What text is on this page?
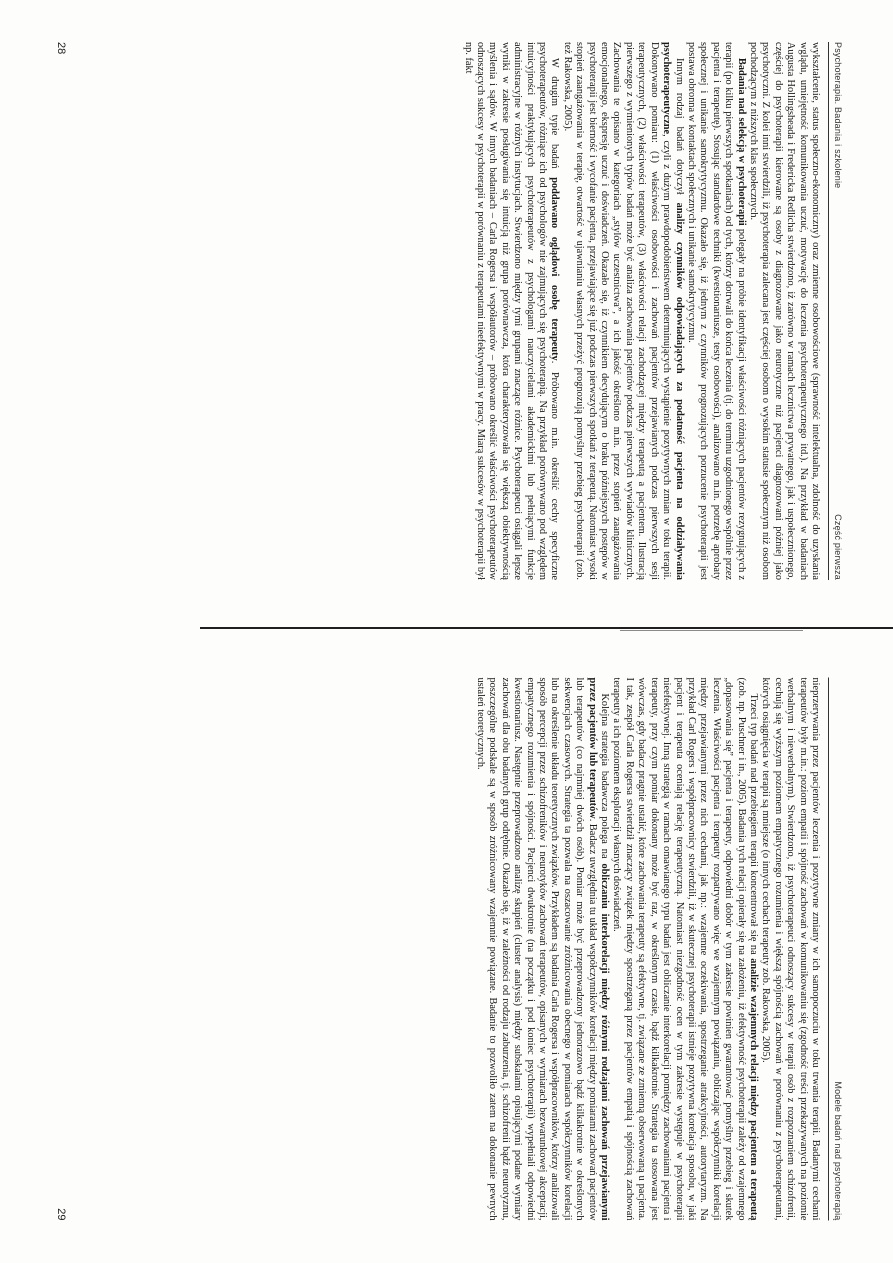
Psychoterapia. Badania i szkolenie
Część pierwsza

wykształcenie, status społeczno-ekonomiczny) oraz zmienne osobowościowe (sprawność intelektualna, zdolność do uzyskania wglądu, umiejętność komunikowania uczuć, motywację do leczenia psychoterapeutycznego itd.). Na przykład w badaniach Augusta Hollingsheada i Fredericka Redlicha stwierdzono, iż zarówno w ramach lecznictwa prywatnego, jak i uspołecznionego, częściej do psychoterapii kierowane są osoby z diagnozowane jako neurotyczne niż pacjenci diagnozowani później jako psychotyczni. Z kolei inni stwierdzili, iż psychoterapia zalecana jest częściej osobom o wysokim statusie społecznym niż osobom pochodzącym z niższych klas społecznych.

Badania nad selekcją w psychoterapii polegały na próbie identyfikacji właściwości różniących pacjentów rezygnujących z terapii (po kilku pierwszych spotkaniach) od tych, którzy dotrwali do końca leczenia (tj. do terminu uzgodnionego wspólnie przez pacjenta i terapeutę). Stosując standardowe techniki (kwestionariusze, testy osobowości), analizowano m.in. potrzebę aprobaty społecznej i unikanie samokrytycyzmu. Okazało się, iż jednym z czynników prognozujących porzucenie psychoterapii jest postawa obronna w kontaktach społecznych i unikanie samokrytycyzmu.

Innym rodzaj badań dotyczył analizy czynników odpowiadających za podatność pacjenta na oddziaływania psychoterapeutyczne, czyli z dużym prawdopodobieństwem determinujących wystąpienie pozytywnych zmian w toku terapii. Dokonywano pomiaru: (1) właściwości osobowości i zachowań pacjentów przejawianych podczas pierwszych sesji terapeutycznych, (2) właściwości terapeutów, (3) właściwości relacji zachodzącej między terapeutą a pacjentem. Ilustracją pierwszego z wymienionych typów badań może być analiza zachowania pacjentów podczas pierwszych wywiadów klinicznych. Zachowania te opisano w kategoriach „stylów uczestnictwa”, a ich jakość określono m.in. przez stopień zaangażowania emocjonalnego, ekspresję uczuć i doświadczeń. Okazało się, iż czynnikiem decydującym o braku późniejszych postępów w psychoterapii jest bierność i wycofanie pacjenta, przejawiające się już podczas pierwszych spotkań z terapeutą. Natomiast wysoki stopień zaangażowania w terapię, otwartość w ujawnianiu własnych przeżyć prognozują pomyślny przebieg psychoterapii (zob. też Rakowska, 2005).

W drugim typie badań poddawano oglądowi osobę terapeuty. Próbowano m.in. określić cechy specyficzne psychoterapeutów, różniące ich od psychologów nie zajmujących się psychoterapią. Na przykład porównywano pod względem intuicyjności praktykujących psychoterapeutów z psychologami nauczycielami akademickimi lub pełniącymi funkcje administracyjne w różnych instytucjach. Stwierdzono między tymi grupami znaczące różnice. Psychoterapeuci osiągali lepsze wyniki w zakresie posługiwania się intuicją niż grupa porównawcza, która charakteryzowała się większą obiektywnością myślenia i sądów. W innych badaniach – Carla Rogersa i współautorów – próbowano określić właściwości psychoterapeutów odnoszących sukcesy w psychoterapii w porównaniu z terapeutami nieefektywnymi w pracy. Miarą sukcesów w psychoterapii był np. fakt

28
Modele badań nad psychoterapią

nieprzerywania przez pacjentów leczenia i pozytywne zmiany w ich samopoczuciu w toku trwania terapii. Badanymi cechami terapeutów były m.in.: poziom empatii i spójność zachowań w komunikowaniu się (zgodność treści przekazywanych na poziomie werbalnym i niewerbalnym). Stwierdzono, iż psychoterapeuci odnoszący sukcesy w terapii osób z rozpoznaniem schizofrenii, cechują się wyższym poziomem empatycznego rozumienia i większą spójnością zachowań w porównaniu z psychoterapeutami, których osiągnięcia w terapii są mniejsze (o innych cechach terapeuty zob. Rakowska, 2005).

Trzeci typ badań nad przebiegiem terapii koncentrował się na analizie wzajemnych relacji między pacjentem a terapeutą (zob. np. Puschner i in., 2005). Badania tych relacji opierały się na założeniu, iż efektywność psychoterapii zależy od wzajemnego „dopasowania się” pacjenta i terapeuty, odpowiedni dobór w tym zakresie powinien gwarantować pomyślny przebieg i skutek leczenia. Właściwości pacjenta i terapeuty rozpatrywano więc we wzajemnym powiązaniu, obliczając współczynniki korelacji między przejawianymi przez nich cechami, jak np.: wzajemne oczekiwania, spostrzeganie atrakcyjności, autorytaryzm. Na przykład Carl Rogers i współpracownicy stwierdzili, iż w skutecznej psychoterapii istnieje pozytywna korelacja sposobu, w jaki pacjent i terapeuta oceniają relację terapeutyczną. Natomiast niezgodność ocen w tym zakresie występuje w psychoterapii nieefektywnej. Inną strategią w ramach omawianego typu badań jest obliczanie interkorelacji pomiędzy zachowaniami pacjenta i terapeuty, przy czym pomiar dokonany może być raz, w określonym czasie, bądź kilkakrotnie. Strategia ta stosowana jest wówczas, gdy badacz pragnie ustalić, które zachowania terapeuty są efektywne, tj. związane ze zmienną obserwowaną u pacjenta. I tak, zespół Carla Rogersa stwierdził znaczący związek między spostrzeganą przez pacjentów empatią i spójnością zachowań terapeuty a ich poziomem eksploracji własnych doświadczeń.

Kolejna strategia badawcza polega na obliczaniu interkorelacji między różnymi rodzajami zachowań przejawianymi przez pacjentów lub terapeutów. Badacz uwzględnia tu układ współczynników korelacji między pomiarami zachowań pacjentów lub terapeutów (co najmniej dwóch osób). Pomiar może być przeprowadzony jednorazowo bądź kilkakrotnie w określonych sekwencjach czasowych. Strategia ta pozwala na oszacowanie zróżnicowania obecnego w pomiarach współczynników korelacji lub na określenie układu teoretycznych związków. Przykładem są badania Carla Rogersa i współpracowników, którzy analizowali sposób percepcji przez schizofreników i neurotyków zachowań terapeutów, opisanych w wymiarach bezwarunkowej akceptacji, empatycznego rozumienia i spójności. Pacjenci dwukrotnie (na początku i pod koniec psychoterapii) wypełniali odpowiedni kwestionariusz. Następnie przeprowadzono analizę skupień (cluster analysis) między subskalami opisującymi podane wymiary zachowań dla obu badanych grup odrębnie. Okazało się, iż w zależności od rodzaju zaburzenia, tj. schizofrenii bądź neurotyzmu, poszczególne podskale są w sposób zróżnicowany wzajemnie powiązane. Badanie to pozwoliło zatem na dokonanie pewnych ustaleń teoretycznych.

29
